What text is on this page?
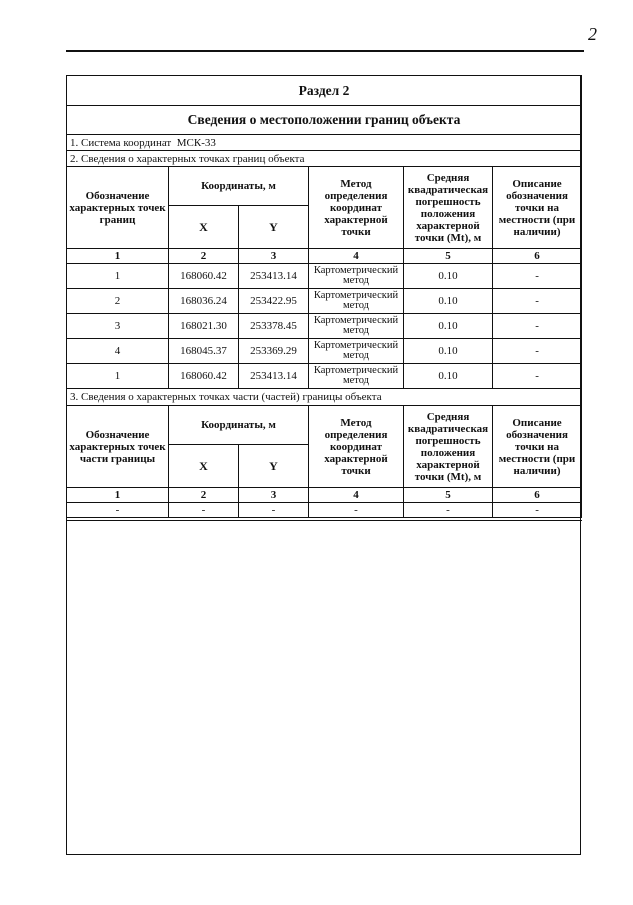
2
Раздел 2					
Сведения о местоположении границ объекта					
1. Система координат МСК-33					
2. Сведения о характерных точках границ объекта					
Обозначение характерных точек границ	Координаты, м		Метод определения координат характерной точки	Средняя квадратическая погрешность положения характерной точки (Mt), м	Описание обозначения точки на местности (при наличии)
	X	Y			
1	2	3	4	5	6
1	168060.42	253413.14	Картометрический метод	0.10	-
2	168036.24	253422.95	Картометрический метод	0.10	-
3	168021.30	253378.45	Картометрический метод	0.10	-
4	168045.37	253369.29	Картометрический метод	0.10	-
1	168060.42	253413.14	Картометрический метод	0.10	-
3. Сведения о характерных точках части (частей) границы объекта					
Обозначение характерных точек части границы	Координаты, м		Метод определения координат характерной точки	Средняя квадратическая погрешность положения характерной точки (Mt), м	Описание обозначения точки на местности (при наличии)
	X	Y			
1	2	3	4	5	6
-	-	-	-	-	-
